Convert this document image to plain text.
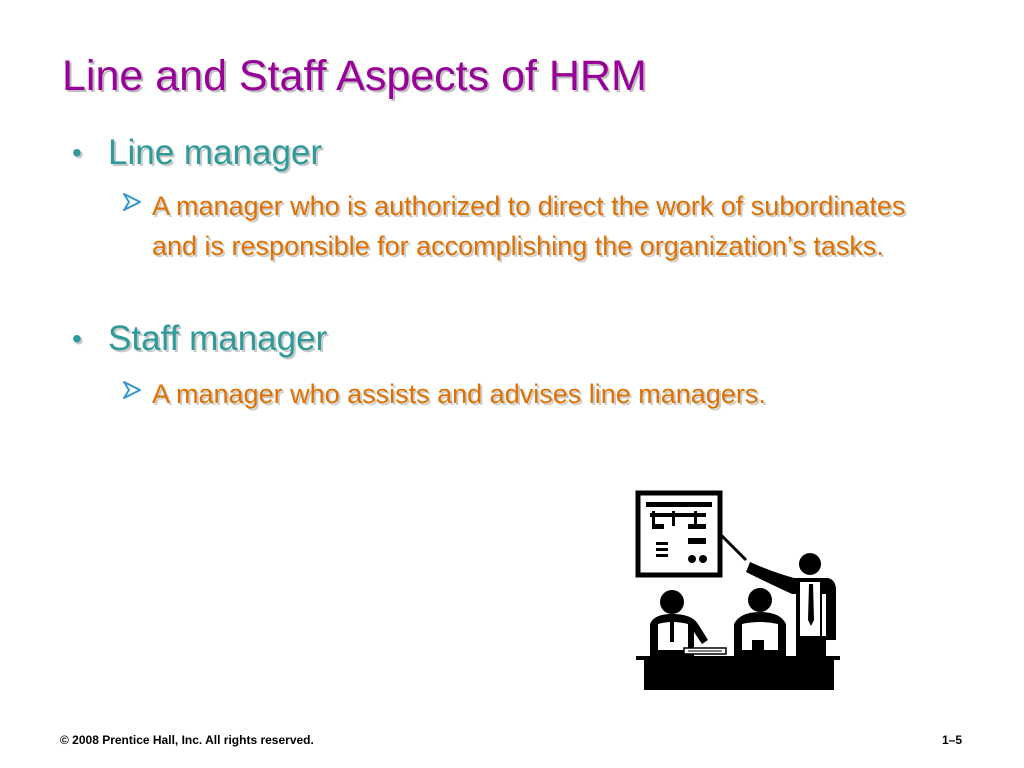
Line and Staff Aspects of HRM
• Line manager
A manager who is authorized to direct the work of subordinates and is responsible for accomplishing the organization’s tasks.
• Staff manager
A manager who assists and advises line managers.
© 2008 Prentice Hall, Inc. All rights reserved.	1–5
